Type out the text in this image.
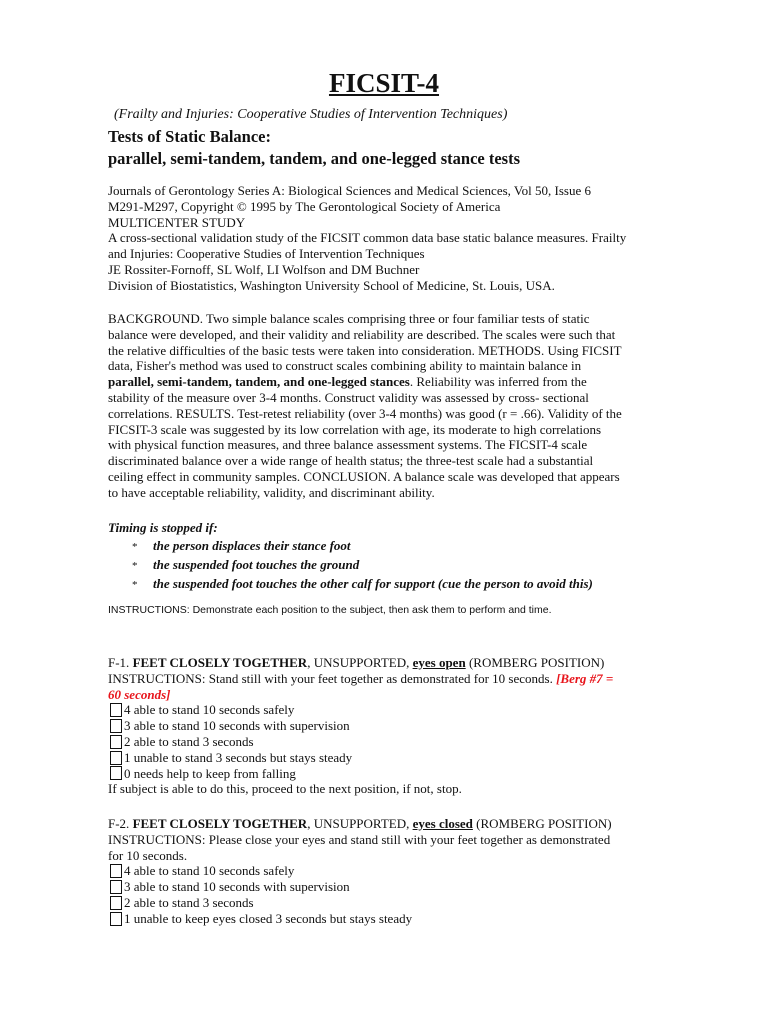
FICSIT-4
(Frailty and Injuries: Cooperative Studies of Intervention Techniques)
Tests of Static Balance:
parallel, semi-tandem, tandem, and one-legged stance tests
Journals of Gerontology Series A: Biological Sciences and Medical Sciences, Vol 50, Issue 6
M291-M297, Copyright © 1995 by The Gerontological Society of America
MULTICENTER STUDY
A cross-sectional validation study of the FICSIT common data base static balance measures. Frailty
and Injuries: Cooperative Studies of Intervention Techniques
JE Rossiter-Fornoff, SL Wolf, LI Wolfson and DM Buchner
Division of Biostatistics, Washington University School of Medicine, St. Louis, USA.
BACKGROUND. Two simple balance scales comprising three or four familiar tests of static
balance were developed, and their validity and reliability are described. The scales were such that
the relative difficulties of the basic tests were taken into consideration. METHODS. Using FICSIT
data, Fisher's method was used to construct scales combining ability to maintain balance in
parallel, semi-tandem, tandem, and one-legged stances. Reliability was inferred from the
stability of the measure over 3-4 months. Construct validity was assessed by cross- sectional
correlations. RESULTS. Test-retest reliability (over 3-4 months) was good (r = .66). Validity of the
FICSIT-3 scale was suggested by its low correlation with age, its moderate to high correlations
with physical function measures, and three balance assessment systems. The FICSIT-4 scale
discriminated balance over a wide range of health status; the three-test scale had a substantial
ceiling effect in community samples. CONCLUSION. A balance scale was developed that appears
to have acceptable reliability, validity, and discriminant ability.
Timing is stopped if:
* the person displaces their stance foot
* the suspended foot touches the ground
* the suspended foot touches the other calf for support (cue the person to avoid this)
INSTRUCTIONS: Demonstrate each position to the subject, then ask them to perform and time.
F-1. FEET CLOSELY TOGETHER, UNSUPPORTED, eyes open (ROMBERG POSITION)
INSTRUCTIONS: Stand still with your feet together as demonstrated for 10 seconds. [Berg #7 =
60 seconds]
4 able to stand 10 seconds safely
3 able to stand 10 seconds with supervision
2 able to stand 3 seconds
1 unable to stand 3 seconds but stays steady
0 needs help to keep from falling
If subject is able to do this, proceed to the next position, if not, stop.
F-2. FEET CLOSELY TOGETHER, UNSUPPORTED, eyes closed (ROMBERG POSITION)
INSTRUCTIONS: Please close your eyes and stand still with your feet together as demonstrated
for 10 seconds.
4 able to stand 10 seconds safely
3 able to stand 10 seconds with supervision
2 able to stand 3 seconds
1 unable to keep eyes closed 3 seconds but stays steady
